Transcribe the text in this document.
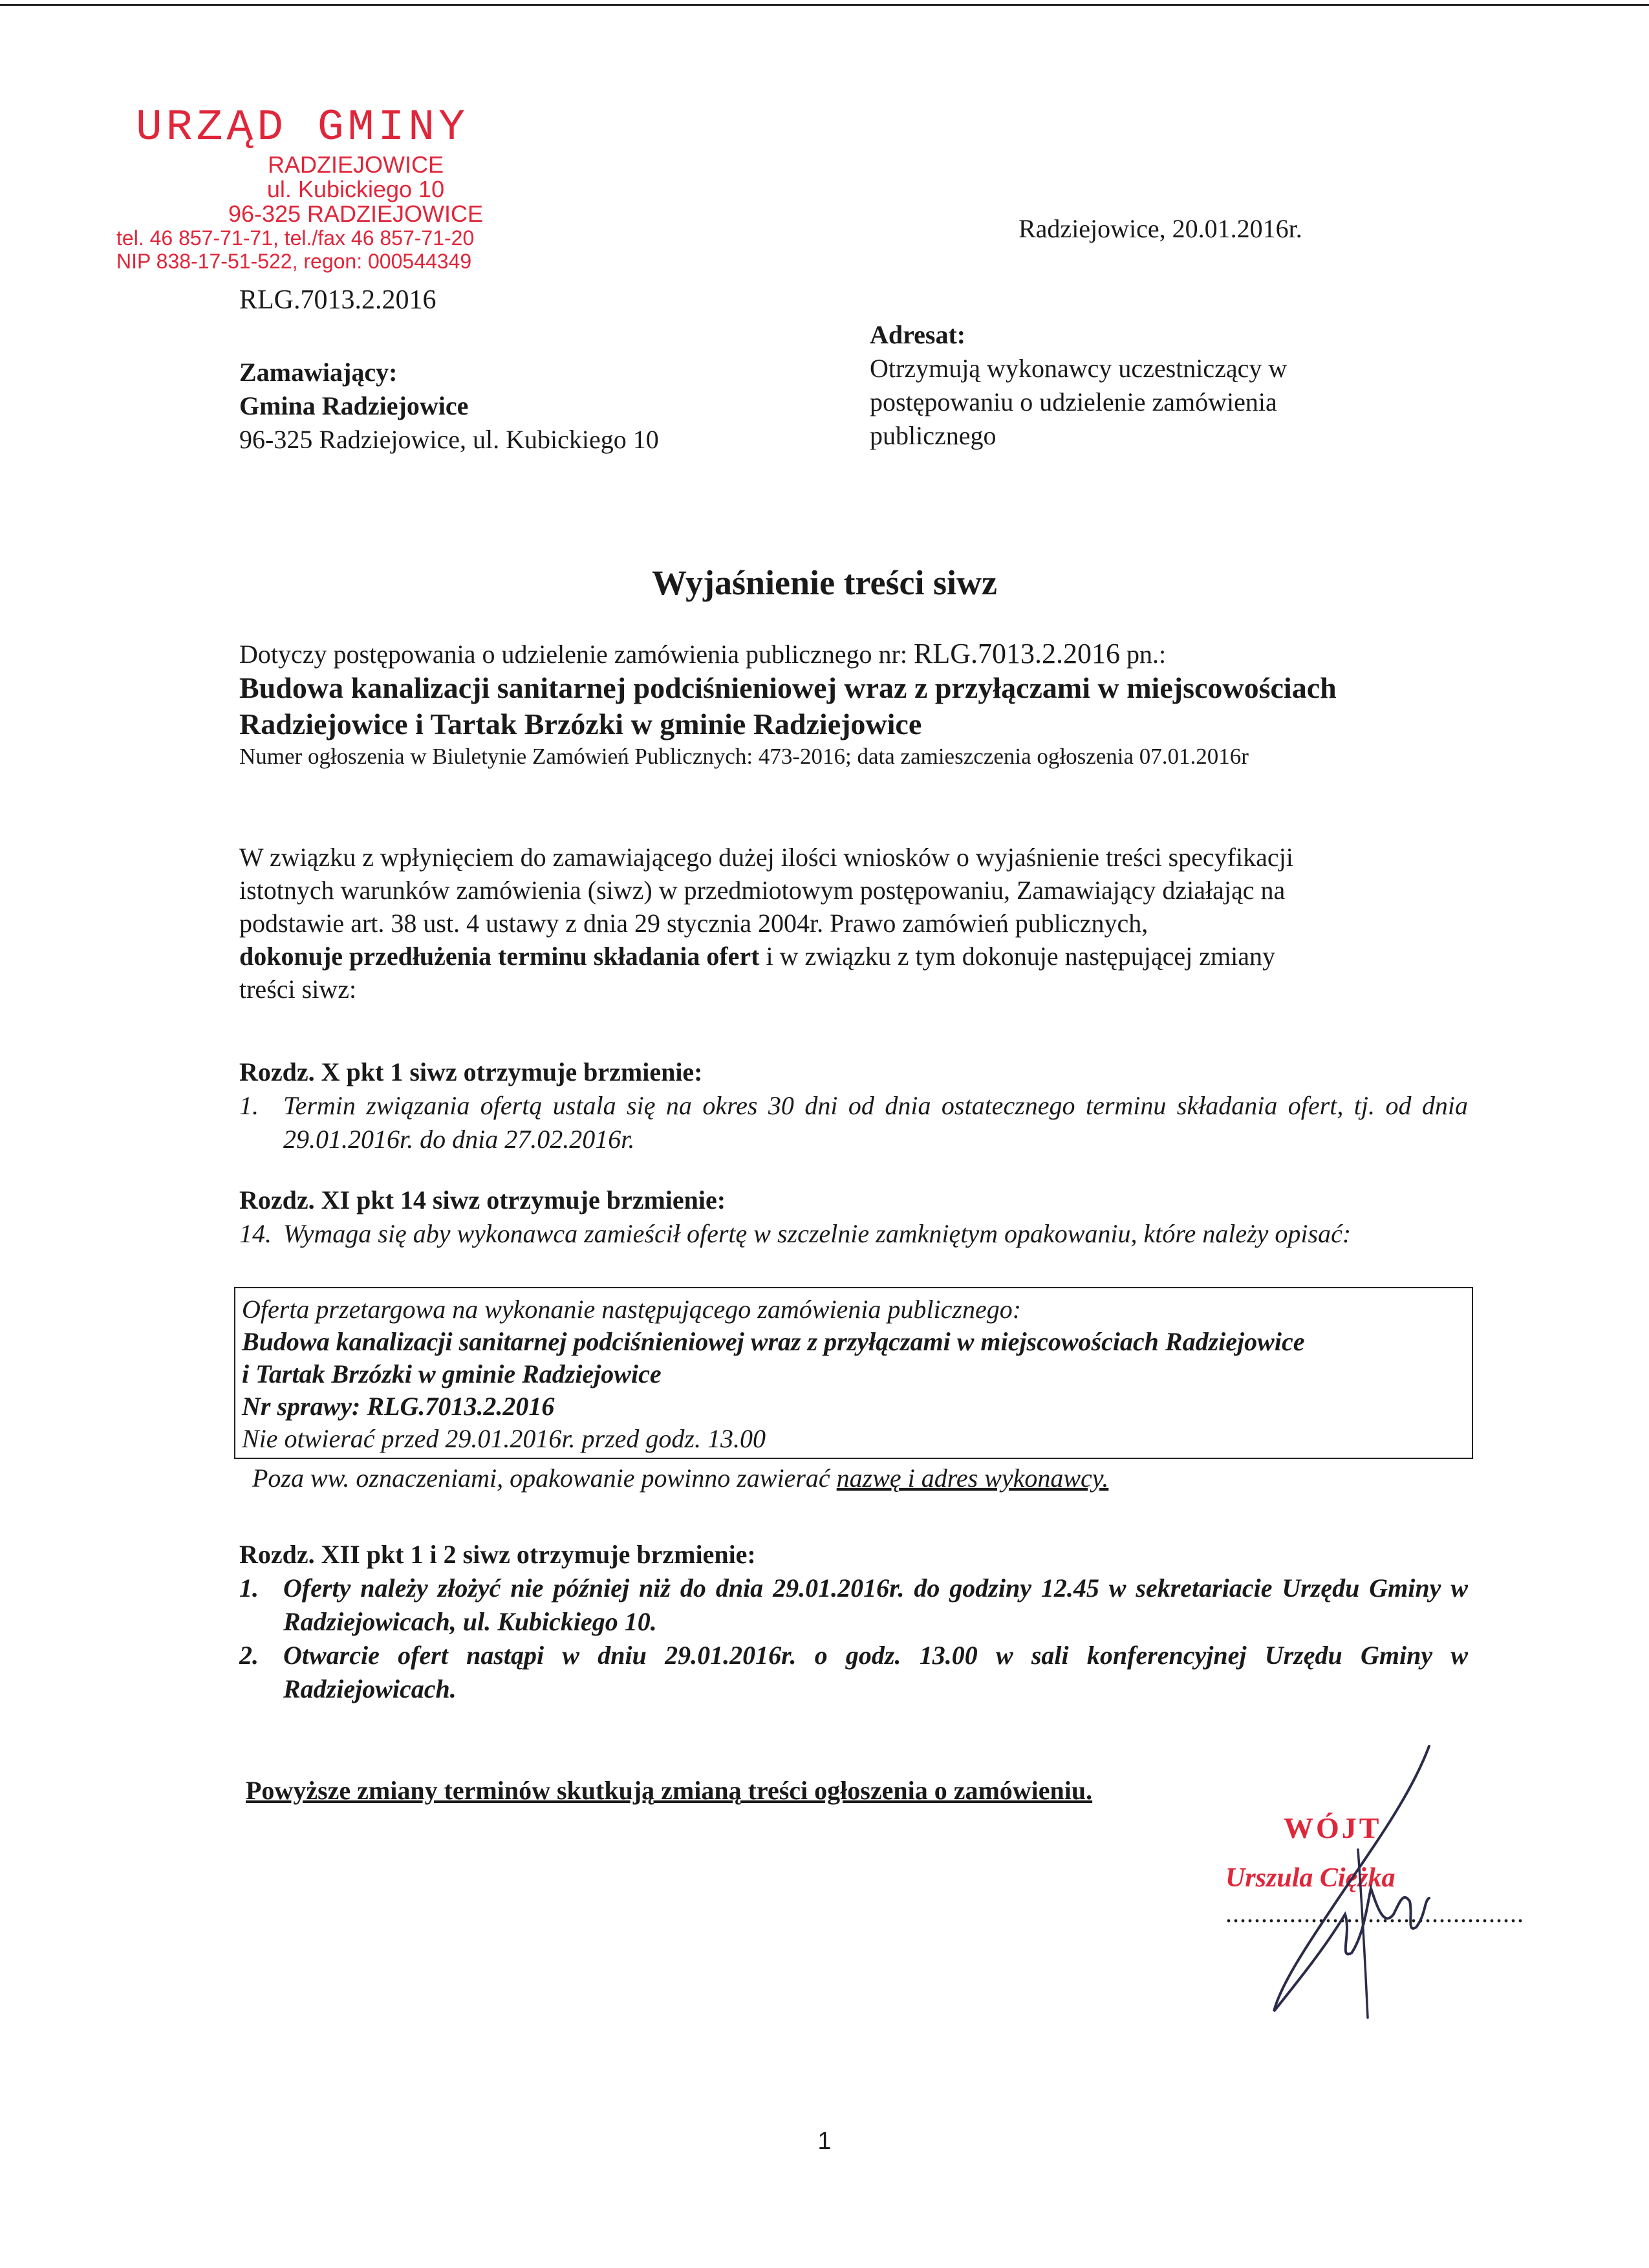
URZĄD GMINY
RADZIEJOWICE
ul. Kubickiego 10
96-325 RADZIEJOWICE
tel. 46 857-71-71, tel./fax 46 857-71-20
NIP 838-17-51-522, regon: 000544349
Radziejowice, 20.01.2016r.
RLG.7013.2.2016
Zamawiający:
Gmina Radziejowice
96-325 Radziejowice, ul. Kubickiego 10
Adresat:
Otrzymują wykonawcy uczestniczący w
postępowaniu o udzielenie zamówienia
publicznego
Wyjaśnienie treści siwz
Dotyczy postępowania o udzielenie zamówienia publicznego nr: RLG.7013.2.2016 pn.:
Budowa kanalizacji sanitarnej podciśnieniowej wraz z przyłączami w miejscowościach
Radziejowice i Tartak Brzózki w gminie Radziejowice
Numer ogłoszenia w Biuletynie Zamówień Publicznych: 473-2016; data zamieszczenia ogłoszenia 07.01.2016r
W związku z wpłynięciem do zamawiającego dużej ilości wniosków o wyjaśnienie treści specyfikacji
istotnych warunków zamówienia (siwz) w przedmiotowym postępowaniu, Zamawiający działając na
podstawie art. 38 ust. 4 ustawy z dnia 29 stycznia 2004r. Prawo zamówień publicznych,
dokonuje przedłużenia terminu składania ofert i w związku z tym dokonuje następującej zmiany
treści siwz:
Rozdz. X pkt 1 siwz otrzymuje brzmienie:
1. Termin związania ofertą ustala się na okres 30 dni od dnia ostatecznego terminu składania ofert, tj. od dnia 29.01.2016r. do dnia 27.02.2016r.
Rozdz. XI pkt 14 siwz otrzymuje brzmienie:
14. Wymaga się aby wykonawca zamieścił ofertę w szczelnie zamkniętym opakowaniu, które należy opisać:
Oferta przetargowa na wykonanie następującego zamówienia publicznego:
Budowa kanalizacji sanitarnej podciśnieniowej wraz z przyłączami w miejscowościach Radziejowice
i Tartak Brzózki w gminie Radziejowice
Nr sprawy: RLG.7013.2.2016
Nie otwierać przed 29.01.2016r. przed godz. 13.00
Poza ww. oznaczeniami, opakowanie powinno zawierać nazwę i adres wykonawcy.
Rozdz. XII pkt 1 i 2 siwz otrzymuje brzmienie:
1. Oferty należy złożyć nie później niż do dnia 29.01.2016r. do godziny 12.45 w sekretariacie Urzędu Gminy w Radziejowicach, ul. Kubickiego 10.
2. Otwarcie ofert nastąpi w dniu 29.01.2016r. o godz. 13.00 w sali konferencyjnej Urzędu Gminy w Radziejowicach.
Powyższe zmiany terminów skutkują zmianą treści ogłoszenia o zamówieniu.
WÓJT
Urszula Ciężka
..........................................
1
